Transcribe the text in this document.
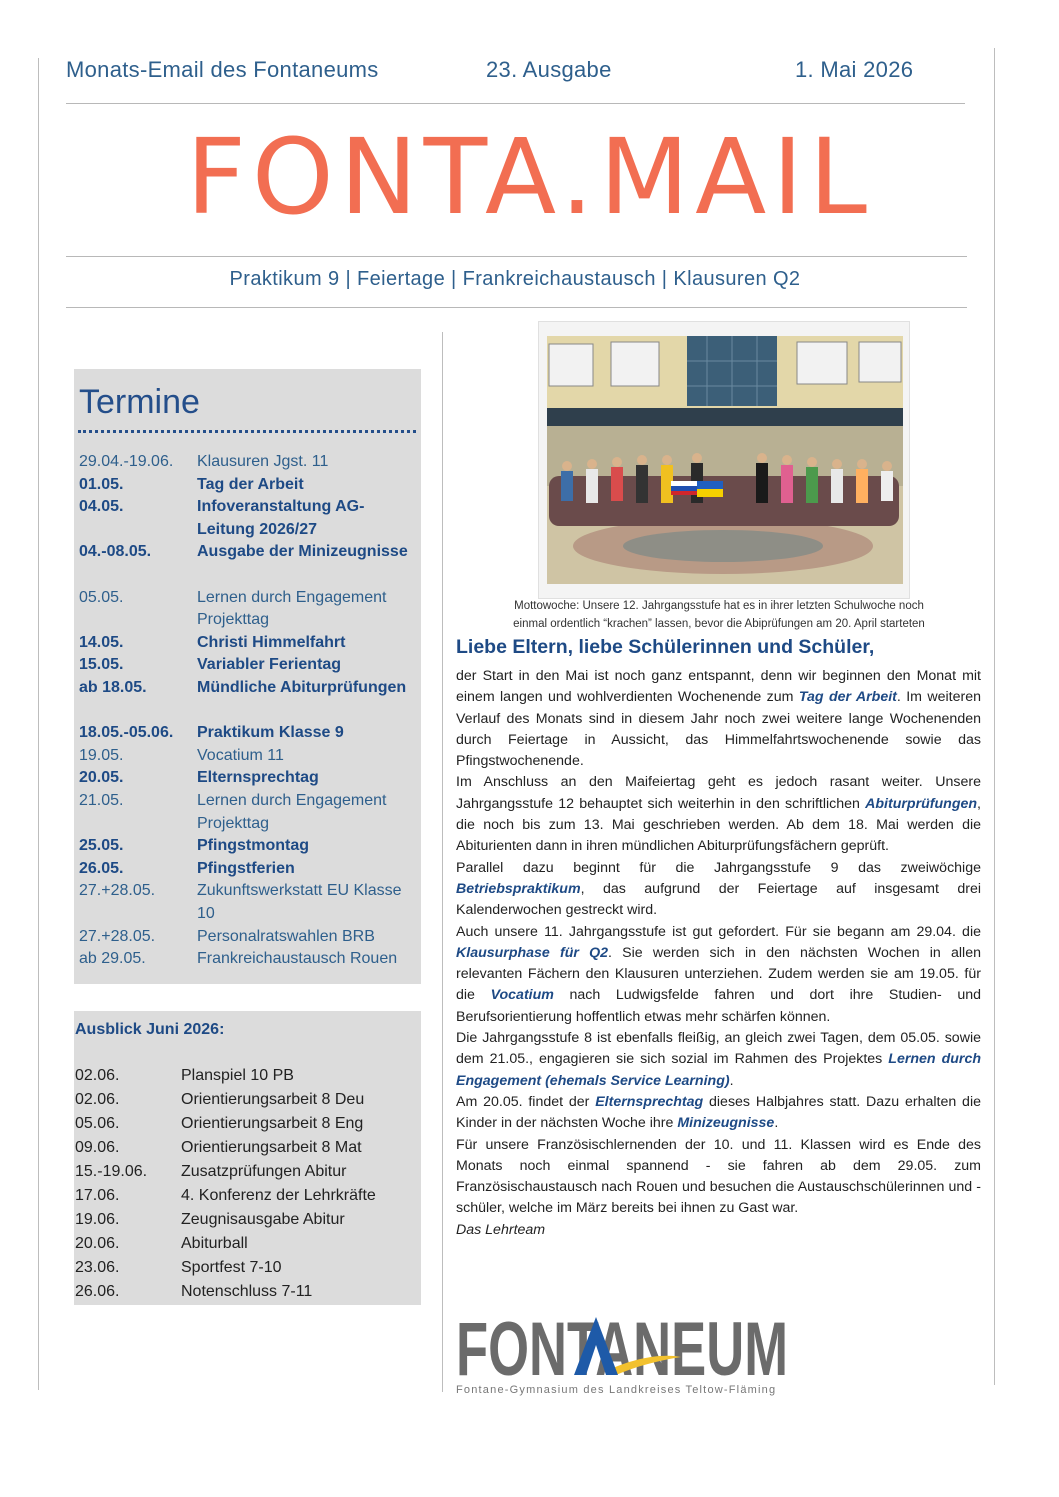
Monats-Email des Fontaneums	23. Ausgabe	1. Mai 2026
FONTA.MAIL
Praktikum 9 | Feiertage | Frankreichaustausch | Klausuren Q2
Termine
29.04.-19.06. Klausuren Jgst. 11
01.05.	Tag der Arbeit
04.05.	Infoveranstaltung AG-Leitung 2026/27
04.-08.05.	Ausgabe der Minizeugnisse
05.05.	Lernen durch Engagement Projekttag
14.05.	Christi Himmelfahrt
15.05.	Variabler Ferientag
ab 18.05.	Mündliche Abiturprüfungen
18.05.-05.06. Praktikum Klasse 9
19.05.	Vocatium 11
20.05.	Elternsprechtag
21.05.	Lernen durch Engagement Projekttag
25.05.	Pfingstmontag
26.05.	Pfingstferien
27.+28.05.	Zukunftswerkstatt EU Klasse 10
27.+28.05.	Personalratswahlen BRB
ab 29.05.	Frankreichaustausch Rouen
Ausblick Juni 2026:
02.06.	Planspiel 10 PB
02.06.	Orientierungsarbeit 8 Deu
05.06.	Orientierungsarbeit 8 Eng
09.06.	Orientierungsarbeit 8 Mat
15.-19.06. Zusatzprüfungen Abitur
17.06.	4. Konferenz der Lehrkräfte
19.06.	Zeugnisausgabe Abitur
20.06.	Abiturball
23.06.	Sportfest 7-10
26.06.	Notenschluss 7-11
Mottowoche: Unsere 12. Jahrgangsstufe hat es in ihrer letzten Schulwoche noch
einmal ordentlich “krachen” lassen, bevor die Abiprüfungen am 20. April starteten
Liebe Eltern, liebe Schülerinnen und Schüler,

der Start in den Mai ist noch ganz entspannt, denn wir beginnen den Monat mit einem langen und wohlverdienten Wochenende zum Tag der Arbeit. Im weiteren Verlauf des Monats sind in diesem Jahr noch zwei weitere lange Wochenenden durch Feiertage in Aussicht, das Himmelfahrtswochenende sowie das Pfingstwochenende.

Im Anschluss an den Maifeiertag geht es jedoch rasant weiter. Unsere Jahrgangsstufe 12 behauptet sich weiterhin in den schriftlichen Abiturprüfungen, die noch bis zum 13. Mai geschrieben werden. Ab dem 18. Mai werden die Abiturienten dann in ihren mündlichen Abiturprüfungsfächern geprüft.

Parallel dazu beginnt für die Jahrgangsstufe 9 das zweiwöchige Betriebspraktikum, das aufgrund der Feiertage auf insgesamt drei Kalenderwochen gestreckt wird.

Auch unsere 11. Jahrgangsstufe ist gut gefordert. Für sie begann am 29.04. die Klausurphase für Q2. Sie werden sich in den nächsten Wochen in allen relevanten Fächern den Klausuren unterziehen. Zudem werden sie am 19.05. für die Vocatium nach Ludwigsfelde fahren und dort ihre Studien- und Berufsorientierung hoffentlich etwas mehr schärfen können.

Die Jahrgangsstufe 8 ist ebenfalls fleißig, an gleich zwei Tagen, dem 05.05. sowie dem 21.05., engagieren sie sich sozial im Rahmen des Projektes Lernen durch Engagement (ehemals Service Learning).

Am 20.05. findet der Elternsprechtag dieses Halbjahres statt. Dazu erhalten die Kinder in der nächsten Woche ihre Minizeugnisse.

Für unsere Französischlernenden der 10. und 11. Klassen wird es Ende des Monats noch einmal spannend - sie fahren ab dem 29.05. zum Französischaustausch nach Rouen und besuchen die Austauschschülerinnen und -schüler, welche im März bereits bei ihnen zu Gast war.

Das Lehrteam

FONTANEUM
Fontane-Gymnasium des Landkreises Teltow-Fläming
